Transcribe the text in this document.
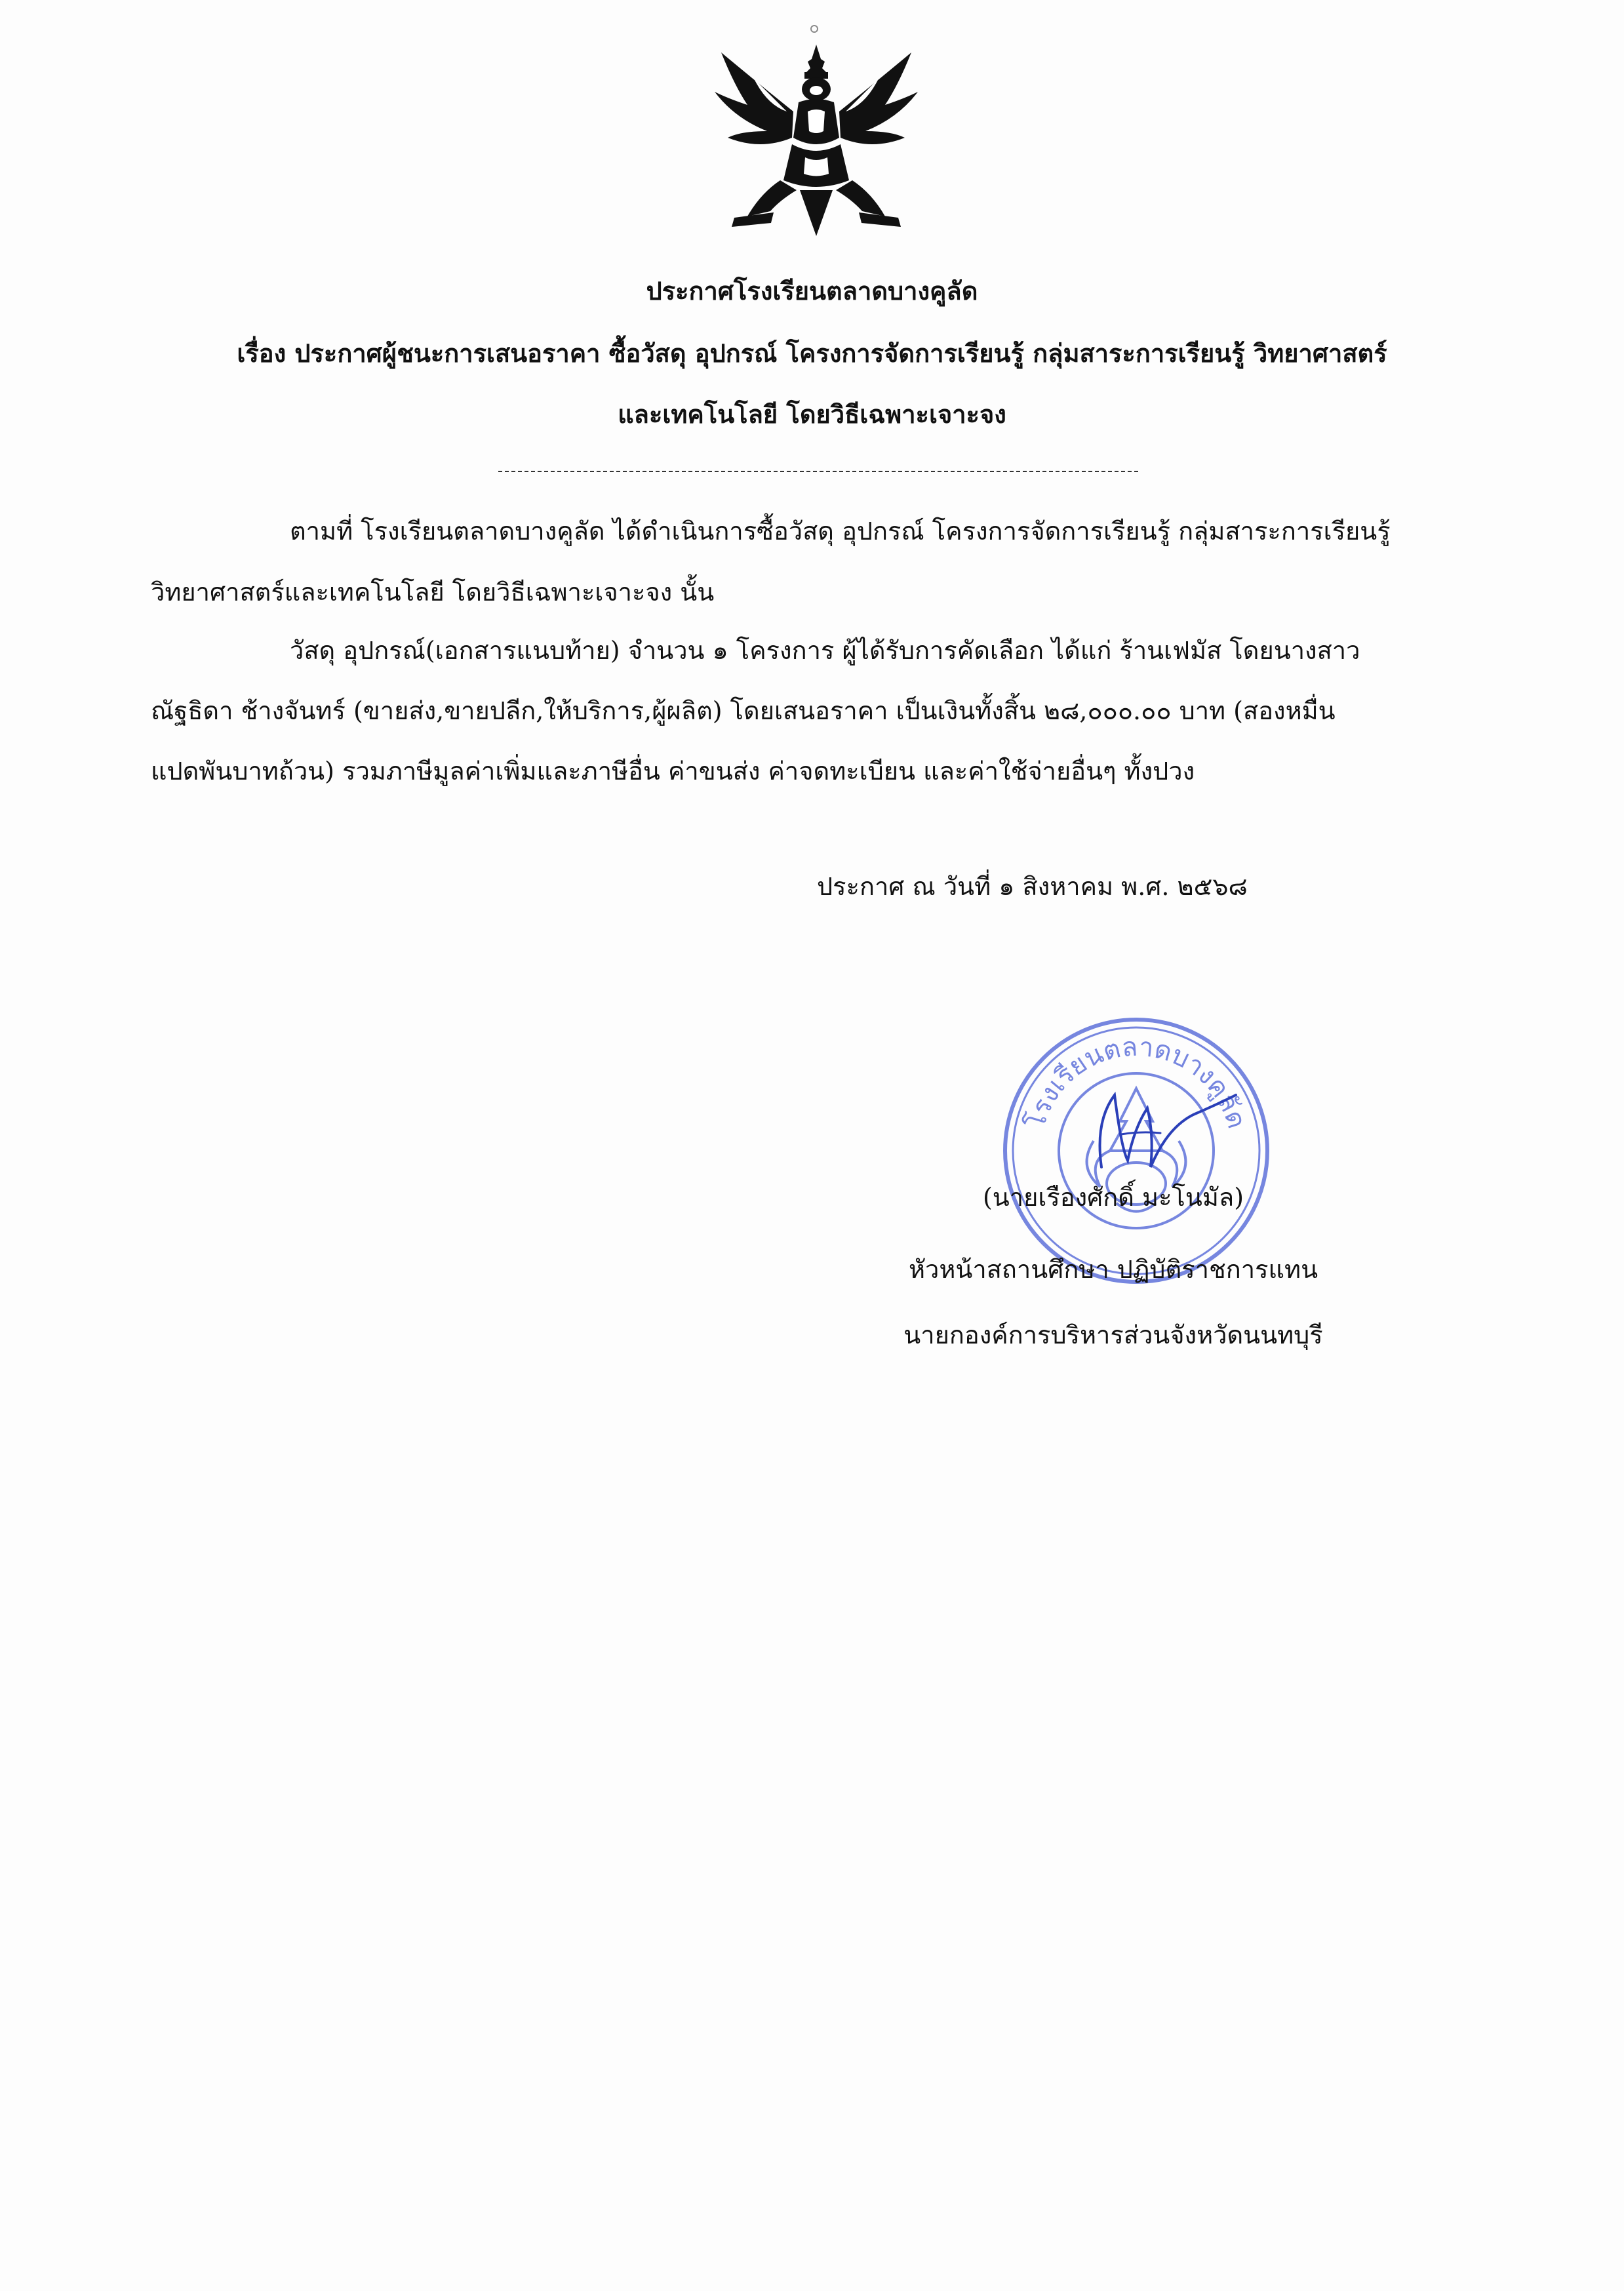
ประกาศโรงเรียนตลาดบางคูลัด
เรื่อง ประกาศผู้ชนะการเสนอราคา ซื้อวัสดุ อุปกรณ์ โครงการจัดการเรียนรู้ กลุ่มสาระการเรียนรู้ วิทยาศาสตร์
และเทคโนโลยี โดยวิธีเฉพาะเจาะจง
ตามที่ โรงเรียนตลาดบางคูลัด ได้ดำเนินการซื้อวัสดุ อุปกรณ์ โครงการจัดการเรียนรู้ กลุ่มสาระการเรียนรู้
วิทยาศาสตร์และเทคโนโลยี โดยวิธีเฉพาะเจาะจง นั้น
วัสดุ อุปกรณ์(เอกสารแนบท้าย) จำนวน ๑ โครงการ ผู้ได้รับการคัดเลือก ได้แก่ ร้านเฟมัส โดยนางสาว
ณัฐธิดา ช้างจันทร์ (ขายส่ง,ขายปลีก,ให้บริการ,ผู้ผลิต) โดยเสนอราคา เป็นเงินทั้งสิ้น ๒๘,๐๐๐.๐๐ บาท (สองหมื่น
แปดพันบาทถ้วน) รวมภาษีมูลค่าเพิ่มและภาษีอื่น ค่าขนส่ง ค่าจดทะเบียน และค่าใช้จ่ายอื่นๆ ทั้งปวง
ประกาศ ณ วันที่ ๑ สิงหาคม พ.ศ. ๒๕๖๘
โรงเรียนตลาดบางคูลัด
(นายเรืองศักดิ์ มะโนมัล)
หัวหน้าสถานศึกษา ปฏิบัติราชการแทน
นายกองค์การบริหารส่วนจังหวัดนนทบุรี
